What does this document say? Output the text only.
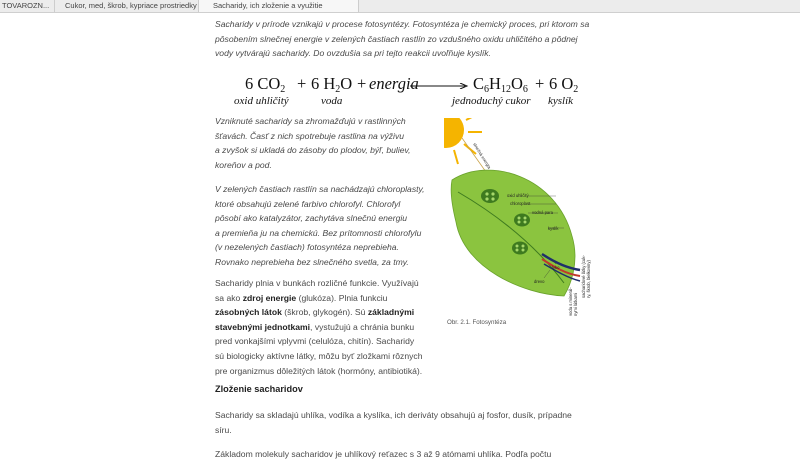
TOVAROZN...	Cukor, med, škrob, kypriace prostriedky	Sacharidy, ich zloženie a využitie

Sacharidy v prírode vznikajú v procese fotosyntézy. Fotosyntéza je chemický proces, pri ktorom sa pôsobením slnečnej energie v zelených častiach rastlín zo vzdušného oxidu uhličitého a pôdnej vody vytvárajú sacharidy. Do ovzdušia sa pri tejto reakcii uvoľňuje kyslík.

6 $CO_2 + 6$ $H_2O$ + energia	$C_6H_{12}O_6 + 6$ $O_2$
oxid uhličitý	voda	jednoduchý cukor kyslík

Vzniknuté sacharidy sa zhromažďujú v rastlinných
šťavách. Časť z nich spotrebuje rastlina na výživu
a zvyšok si ukladá do zásoby do plodov, býľ, buliev,
koreňov a pod.

V zelených častiach rastlín sa nachádzajú chloroplasty,
ktoré obsahujú zelené farbivo chlorofyl. Chlorofyl
pôsobí ako katalyzátor, zachytáva slnečnú energiu
a premieňa ju na chemickú. Bez prítomnosti chlorofylu
(v nezelených častiach) fotosyntéza neprebieha.
Rovnako neprebieha bez slnečného svetla, za tmy.

Sacharidy plnia v bunkách rozličné funkcie. Využívajú
sa ako zdroj energie (glukóza). Plnia funkciu
zásobných látok (škrob, glykogén). Sú základnými
stavebnými jednotkami, vystužujú a chránia bunku
pred vonkajšími vplyvmi (celulóza, chitín). Sacharidy
sú biologicky aktívne látky, môžu byť zložkami rôznych
pre organizmus dôležitých látok (hormóny, antibiotiká).

Zloženie sacharidov

Sacharidy sa skladajú uhlíka, vodíka a kyslíka, ich deriváty obsahujú aj fosfor, dusík, prípadne
síru.

Základom molekuly sacharidov je uhlíkový reťazec s 3 až 9 atómami uhlíka. Podľa počtu

slnečná energia
oxid uhličitý
chloroplast
vodná para
kyslík
lyko
drevo
voda s minerál- nymi látkami
sacharidové látky (cuk- ry, škrob, bielkoviny)
Obr. 2.1. Fotosyntéza
